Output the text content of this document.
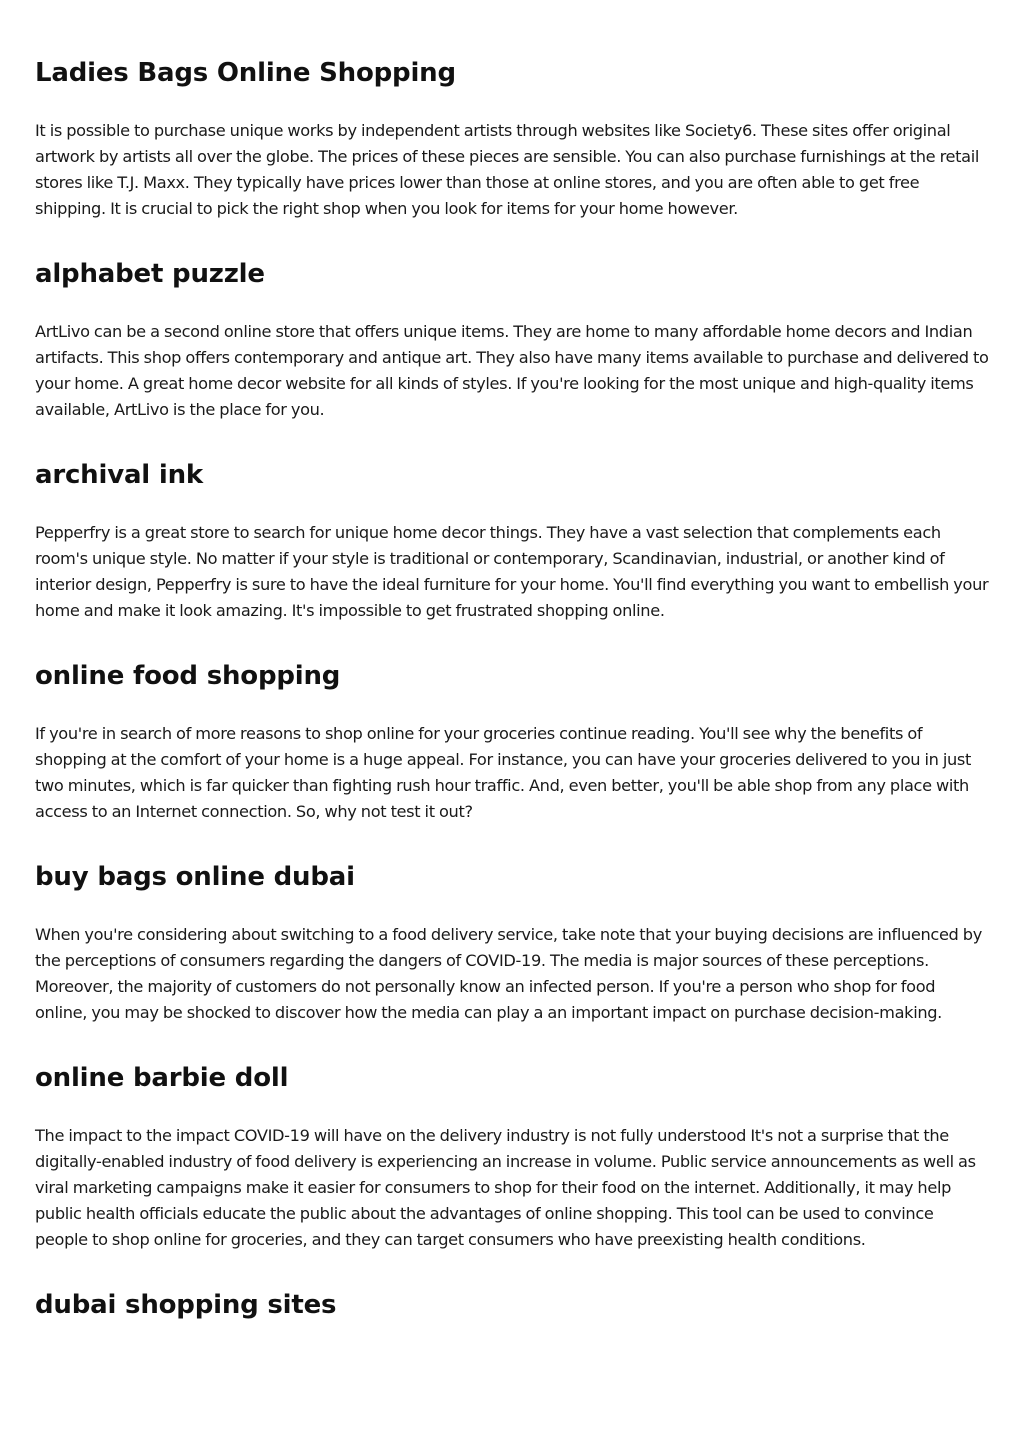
Ladies Bags Online Shopping

It is possible to purchase unique works by independent artists through websites like Society6. These sites offer original artwork by artists all over the globe. The prices of these pieces are sensible. You can also purchase furnishings at the retail stores like T.J. Maxx. They typically have prices lower than those at online stores, and you are often able to get free shipping. It is crucial to pick the right shop when you look for items for your home however.

alphabet puzzle

ArtLivo can be a second online store that offers unique items. They are home to many affordable home decors and Indian artifacts. This shop offers contemporary and antique art. They also have many items available to purchase and delivered to your home. A great home decor website for all kinds of styles. If you're looking for the most unique and high-quality items available, ArtLivo is the place for you.

archival ink

Pepperfry is a great store to search for unique home decor things. They have a vast selection that complements each room's unique style. No matter if your style is traditional or contemporary, Scandinavian, industrial, or another kind of interior design, Pepperfry is sure to have the ideal furniture for your home. You'll find everything you want to embellish your home and make it look amazing. It's impossible to get frustrated shopping online.

online food shopping

If you're in search of more reasons to shop online for your groceries continue reading. You'll see why the benefits of shopping at the comfort of your home is a huge appeal. For instance, you can have your groceries delivered to you in just two minutes, which is far quicker than fighting rush hour traffic. And, even better, you'll be able shop from any place with access to an Internet connection. So, why not test it out?

buy bags online dubai

When you're considering about switching to a food delivery service, take note that your buying decisions are influenced by the perceptions of consumers regarding the dangers of COVID-19. The media is major sources of these perceptions. Moreover, the majority of customers do not personally know an infected person. If you're a person who shop for food online, you may be shocked to discover how the media can play a an important impact on purchase decision-making.

online barbie doll

The impact to the impact COVID-19 will have on the delivery industry is not fully understood It's not a surprise that the digitally-enabled industry of food delivery is experiencing an increase in volume. Public service announcements as well as viral marketing campaigns make it easier for consumers to shop for their food on the internet. Additionally, it may help public health officials educate the public about the advantages of online shopping. This tool can be used to convince people to shop online for groceries, and they can target consumers who have preexisting health conditions.

dubai shopping sites
